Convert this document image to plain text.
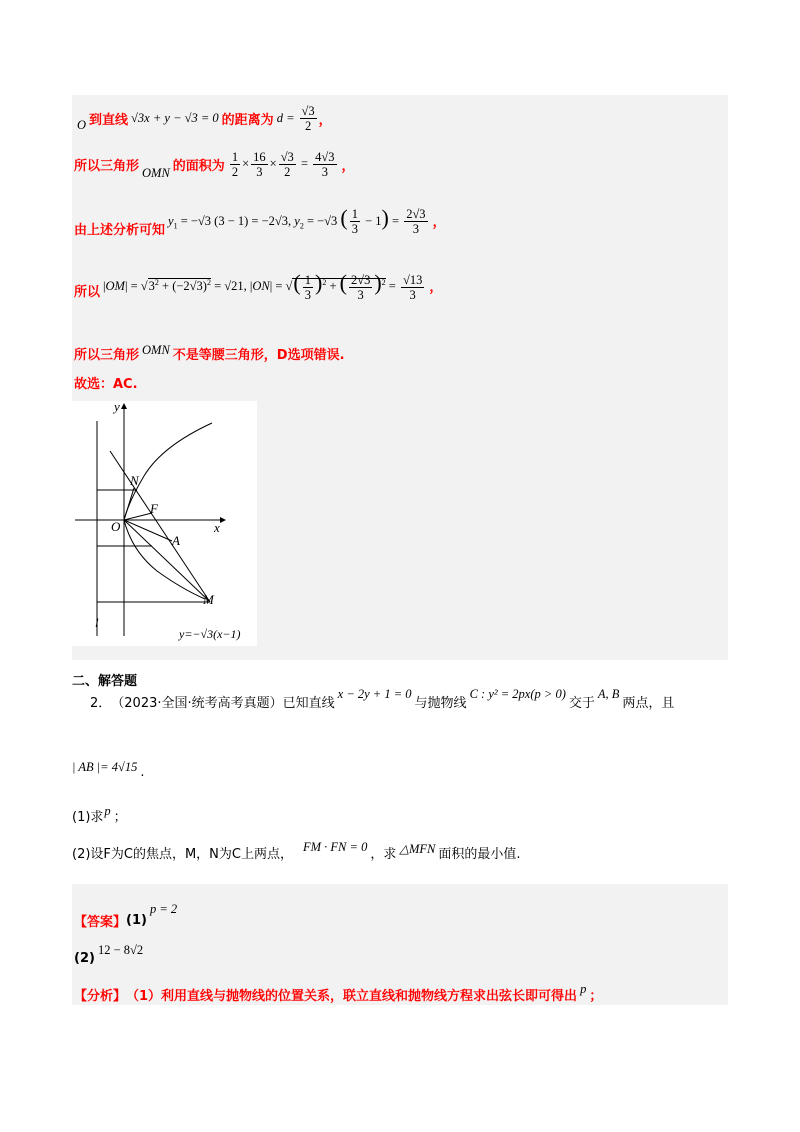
O 到直线 √3x + y − √3 = 0 的距离为 $d = \frac{√3}{2}$ ，
所以三角形 OMN 的面积为 $\frac{1}{2} \times \frac{16}{3} \times \frac{√3}{2} = \frac{4√3}{3}$ ，
由上述分析可知
$y_1 = -√3$ (3 − 1) = −2√3, $y_2 = -√3$ ( $\frac{1}{3} - 1) = \frac{2√3}{3}$ ，
所以 $|OM| = √3^2 + (-2√3)^2 = √21$, |ON| = √( $\frac{1}{3} )^2$ + ( $\frac{2√3}{3} )^2 = \frac{√13}{3}$ ，
所以三角形 OMN 不是等腰三角形，D选项错误.
故选：AC.
y
x
O
N
F
A
M
l
y=−√3(x−1)
二、解答题
2． （2023·全国·统考高考真题）已知直线
x − 2y + 1 = 0
与抛物线
C : y² = 2px(p > 0)
交于
A, B
两点，且
| AB |= 4√15 .
(1)求 p ；
(2)设F为C的焦点，M，N为C上两点， FM · FN = 0 ，求 △MFN 面积的最小值.
【答案】 (1)
p = 2
(2)
12 − 8√2
【分析】 （1）利用直线与抛物线的位置关系，联立直线和抛物线方程求出弦长即可得出 p ；
